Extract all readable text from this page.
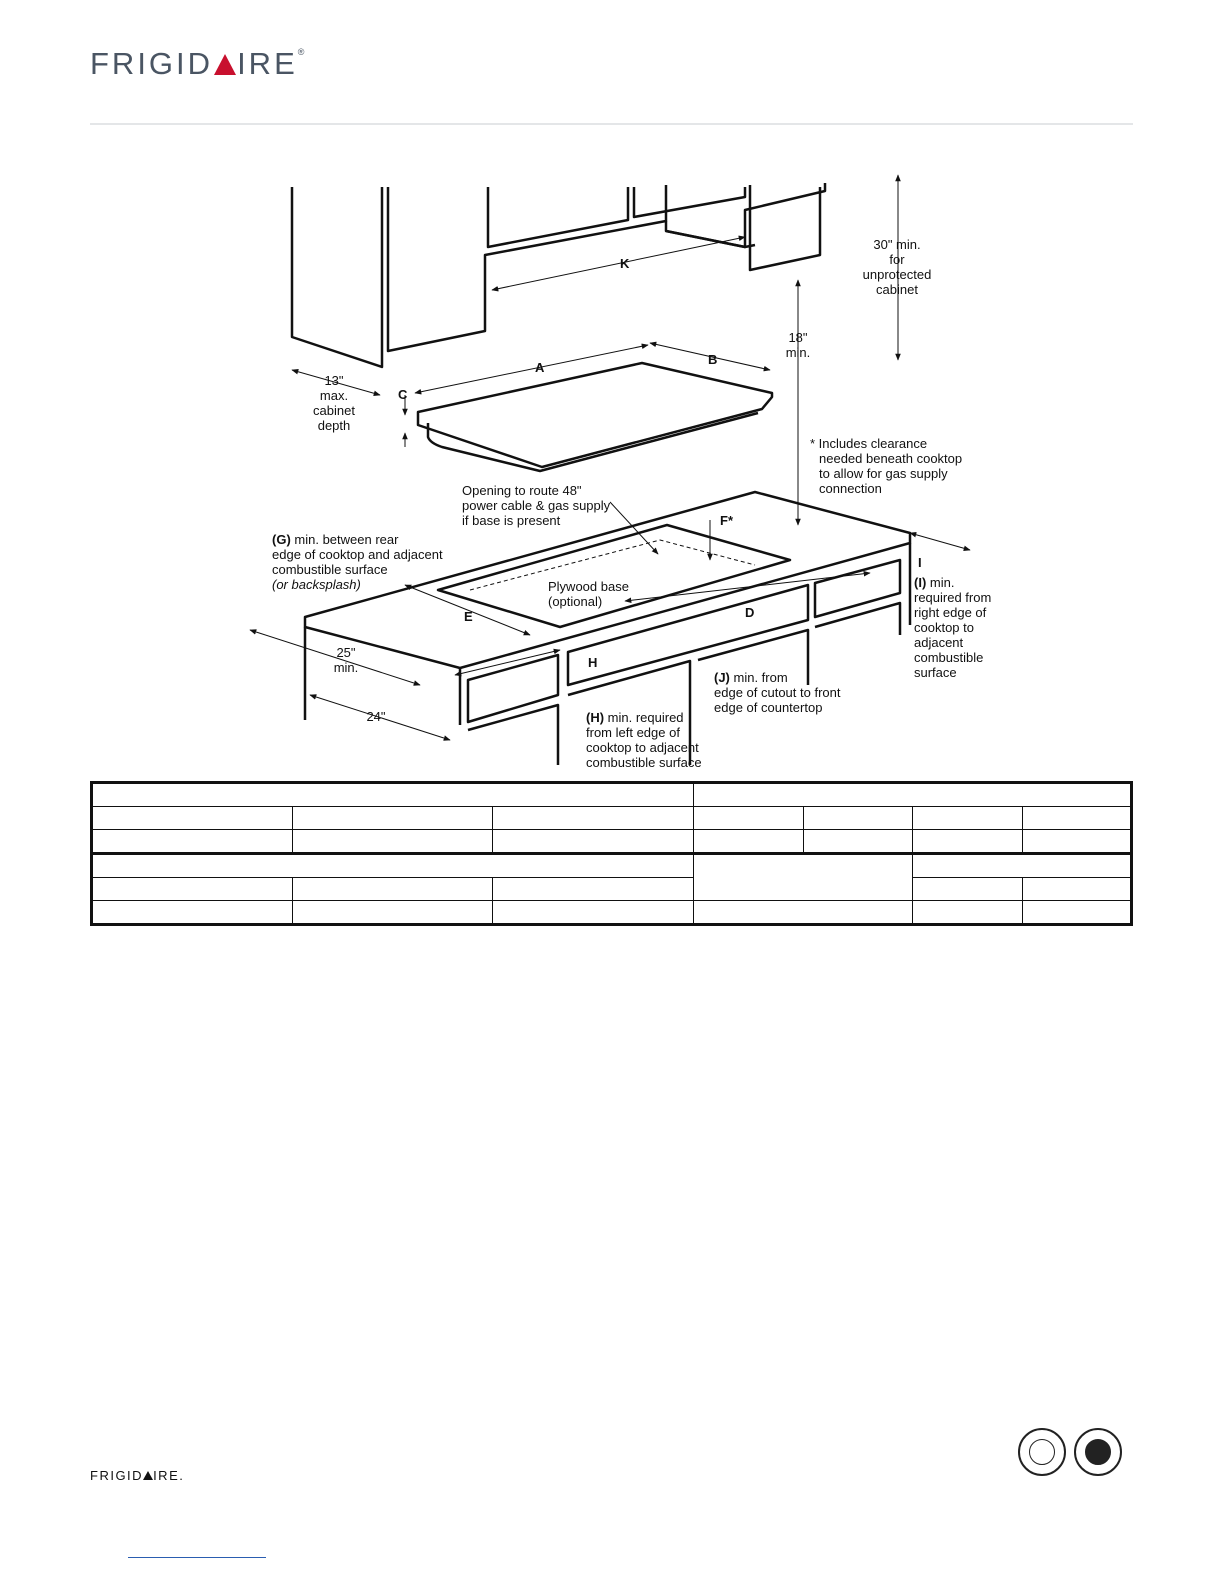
FRIGID IRE®
K
A
B
C
D
E
F*
H
I
30" min.
for
unprotected
cabinet
18"
min.
13"
max.
cabinet
depth
* Includes clearance
needed beneath cooktop
to allow for gas supply
connection
Opening to route 48"
power cable & gas supply
if base is present
(G) min. between rear
edge of cooktop and adjacent
combustible surface
(or backsplash)	Plywood base
(optional)
(I) min.
required from
right edge of
cooktop to
adjacent
combustible
surface
25"
min.
24"
(J) min. from
edge of cutout to front
edge of countertop
(H) min. required
from left edge of
cooktop to adjacent
combustible surface

FRIGID IRE.
